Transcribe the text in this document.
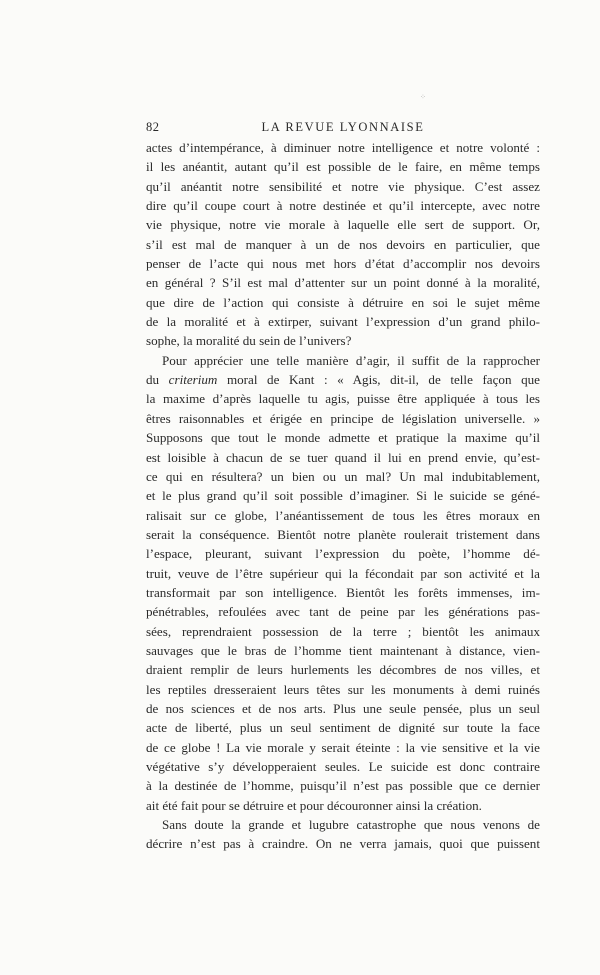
⁘
82	LA REVUE LYONNAISE
actes d’intempérance, à diminuer notre intelligence et notre volonté :
il les anéantit, autant qu’il est possible de le faire, en même temps
qu’il anéantit notre sensibilité et notre vie physique. C’est assez
dire qu’il coupe court à notre destinée et qu’il intercepte, avec notre
vie physique, notre vie morale à laquelle elle sert de support. Or,
s’il est mal de manquer à un de nos devoirs en particulier, que
penser de l’acte qui nous met hors d’état d’accomplir nos devoirs
en général ? S’il est mal d’attenter sur un point donné à la moralité,
que dire de l’action qui consiste à détruire en soi le sujet même
de la moralité et à extirper, suivant l’expression d’un grand philo-
sophe, la moralité du sein de l’univers?
Pour apprécier une telle manière d’agir, il suffit de la rapprocher
du criterium moral de Kant : « Agis, dit-il, de telle façon que
la maxime d’après laquelle tu agis, puisse être appliquée à tous les
êtres raisonnables et érigée en principe de législation universelle. »
Supposons que tout le monde admette et pratique la maxime qu’il
est loisible à chacun de se tuer quand il lui en prend envie, qu’est-
ce qui en résultera? un bien ou un mal? Un mal indubitablement,
et le plus grand qu’il soit possible d’imaginer. Si le suicide se géné-
ralisait sur ce globe, l’anéantissement de tous les êtres moraux en
serait la conséquence. Bientôt notre planète roulerait tristement dans
l’espace, pleurant, suivant l’expression du poète, l’homme dé-
truit, veuve de l’être supérieur qui la fécondait par son activité et la
transformait par son intelligence. Bientôt les forêts immenses, im-
pénétrables, refoulées avec tant de peine par les générations pas-
sées, reprendraient possession de la terre ; bientôt les animaux
sauvages que le bras de l’homme tient maintenant à distance, vien-
draient remplir de leurs hurlements les décombres de nos villes, et
les reptiles dresseraient leurs têtes sur les monuments à demi ruinés
de nos sciences et de nos arts. Plus une seule pensée, plus un seul
acte de liberté, plus un seul sentiment de dignité sur toute la face
de ce globe ! La vie morale y serait éteinte : la vie sensitive et la vie
végétative s’y développeraient seules. Le suicide est donc contraire
à la destinée de l’homme, puisqu’il n’est pas possible que ce dernier
ait été fait pour se détruire et pour découronner ainsi la création.
Sans doute la grande et lugubre catastrophe que nous venons de
décrire n’est pas à craindre. On ne verra jamais, quoi que puissent
